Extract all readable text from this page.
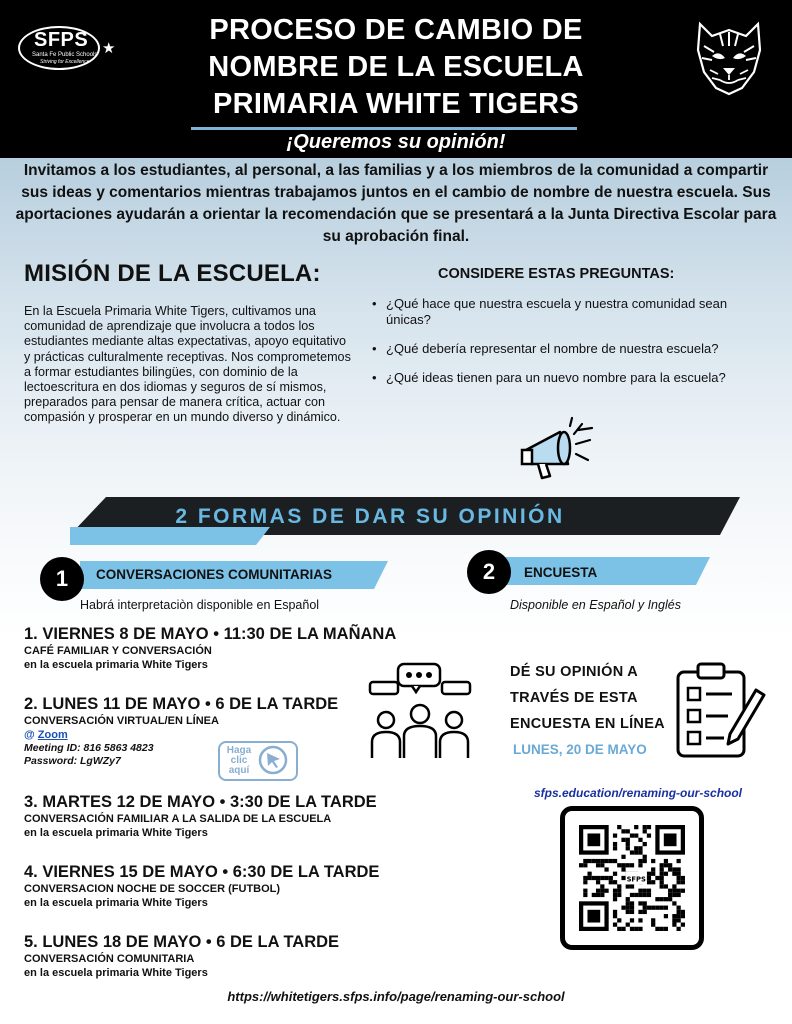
SFPS
Santa Fe Public Schools
Striving for Excellence
★
PROCESO DE CAMBIO DE
NOMBRE DE LA ESCUELA
PRIMARIA WHITE TIGERS
¡Queremos su opinión!
Invitamos a los estudiantes, al personal, a las familias y a los miembros de la comunidad a compartir sus ideas y comentarios mientras trabajamos juntos en el cambio de nombre de nuestra escuela. Sus aportaciones ayudarán a orientar la recomendación que se presentará a la Junta Directiva Escolar para su aprobación final.
MISIÓN DE LA ESCUELA:
En la Escuela Primaria White Tigers, cultivamos una comunidad de aprendizaje que involucra a todos los estudiantes mediante altas expectativas, apoyo equitativo y prácticas culturalmente receptivas. Nos comprometemos a formar estudiantes bilingües, con dominio de la lectoescritura en dos idiomas y seguros de sí mismos, preparados para pensar de manera crítica, actuar con compasión y prosperar en un mundo diverso y dinámico.
CONSIDERE ESTAS PREGUNTAS:
• ¿Qué hace que nuestra escuela y nuestra comunidad sean únicas?
• ¿Qué debería representar el nombre de nuestra escuela?
• ¿Qué ideas tienen para un nuevo nombre para la escuela?
2 FORMAS DE DAR SU OPINIÓN
1	CONVERSACIONES COMUNITARIAS
Habrá interpretaciòn disponible en Español
2	ENCUESTA
Disponible en Español y Inglés
1. VIERNES 8 DE MAYO • 11:30 DE LA MAÑANA
CAFÉ FAMILIAR Y CONVERSACIÓN
en la escuela primaria White Tigers
2. LUNES 11 DE MAYO • 6 DE LA TARDE
CONVERSACIÓN VIRTUAL/EN LÍNEA
@ Zoom
Meeting ID: 816 5863 4823
Password: LgWZy7
Haga
clic
aquí
3. MARTES 12 DE MAYO • 3:30 DE LA TARDE
CONVERSACIÓN FAMILIAR A LA SALIDA DE LA ESCUELA
en la escuela primaria White Tigers
4. VIERNES 15 DE MAYO • 6:30 DE LA TARDE
CONVERSACION NOCHE DE SOCCER (FUTBOL)
en la escuela primaria White Tigers
5. LUNES 18 DE MAYO • 6 DE LA TARDE
CONVERSACIÓN COMUNITARIA
en la escuela primaria White Tigers
DÉ SU OPINIÓN A
TRAVÉS DE ESTA
ENCUESTA EN LÍNEA
LUNES, 20 DE MAYO
sfps.education/renaming-our-school
SFPS
https://whitetigers.sfps.info/page/renaming-our-school
